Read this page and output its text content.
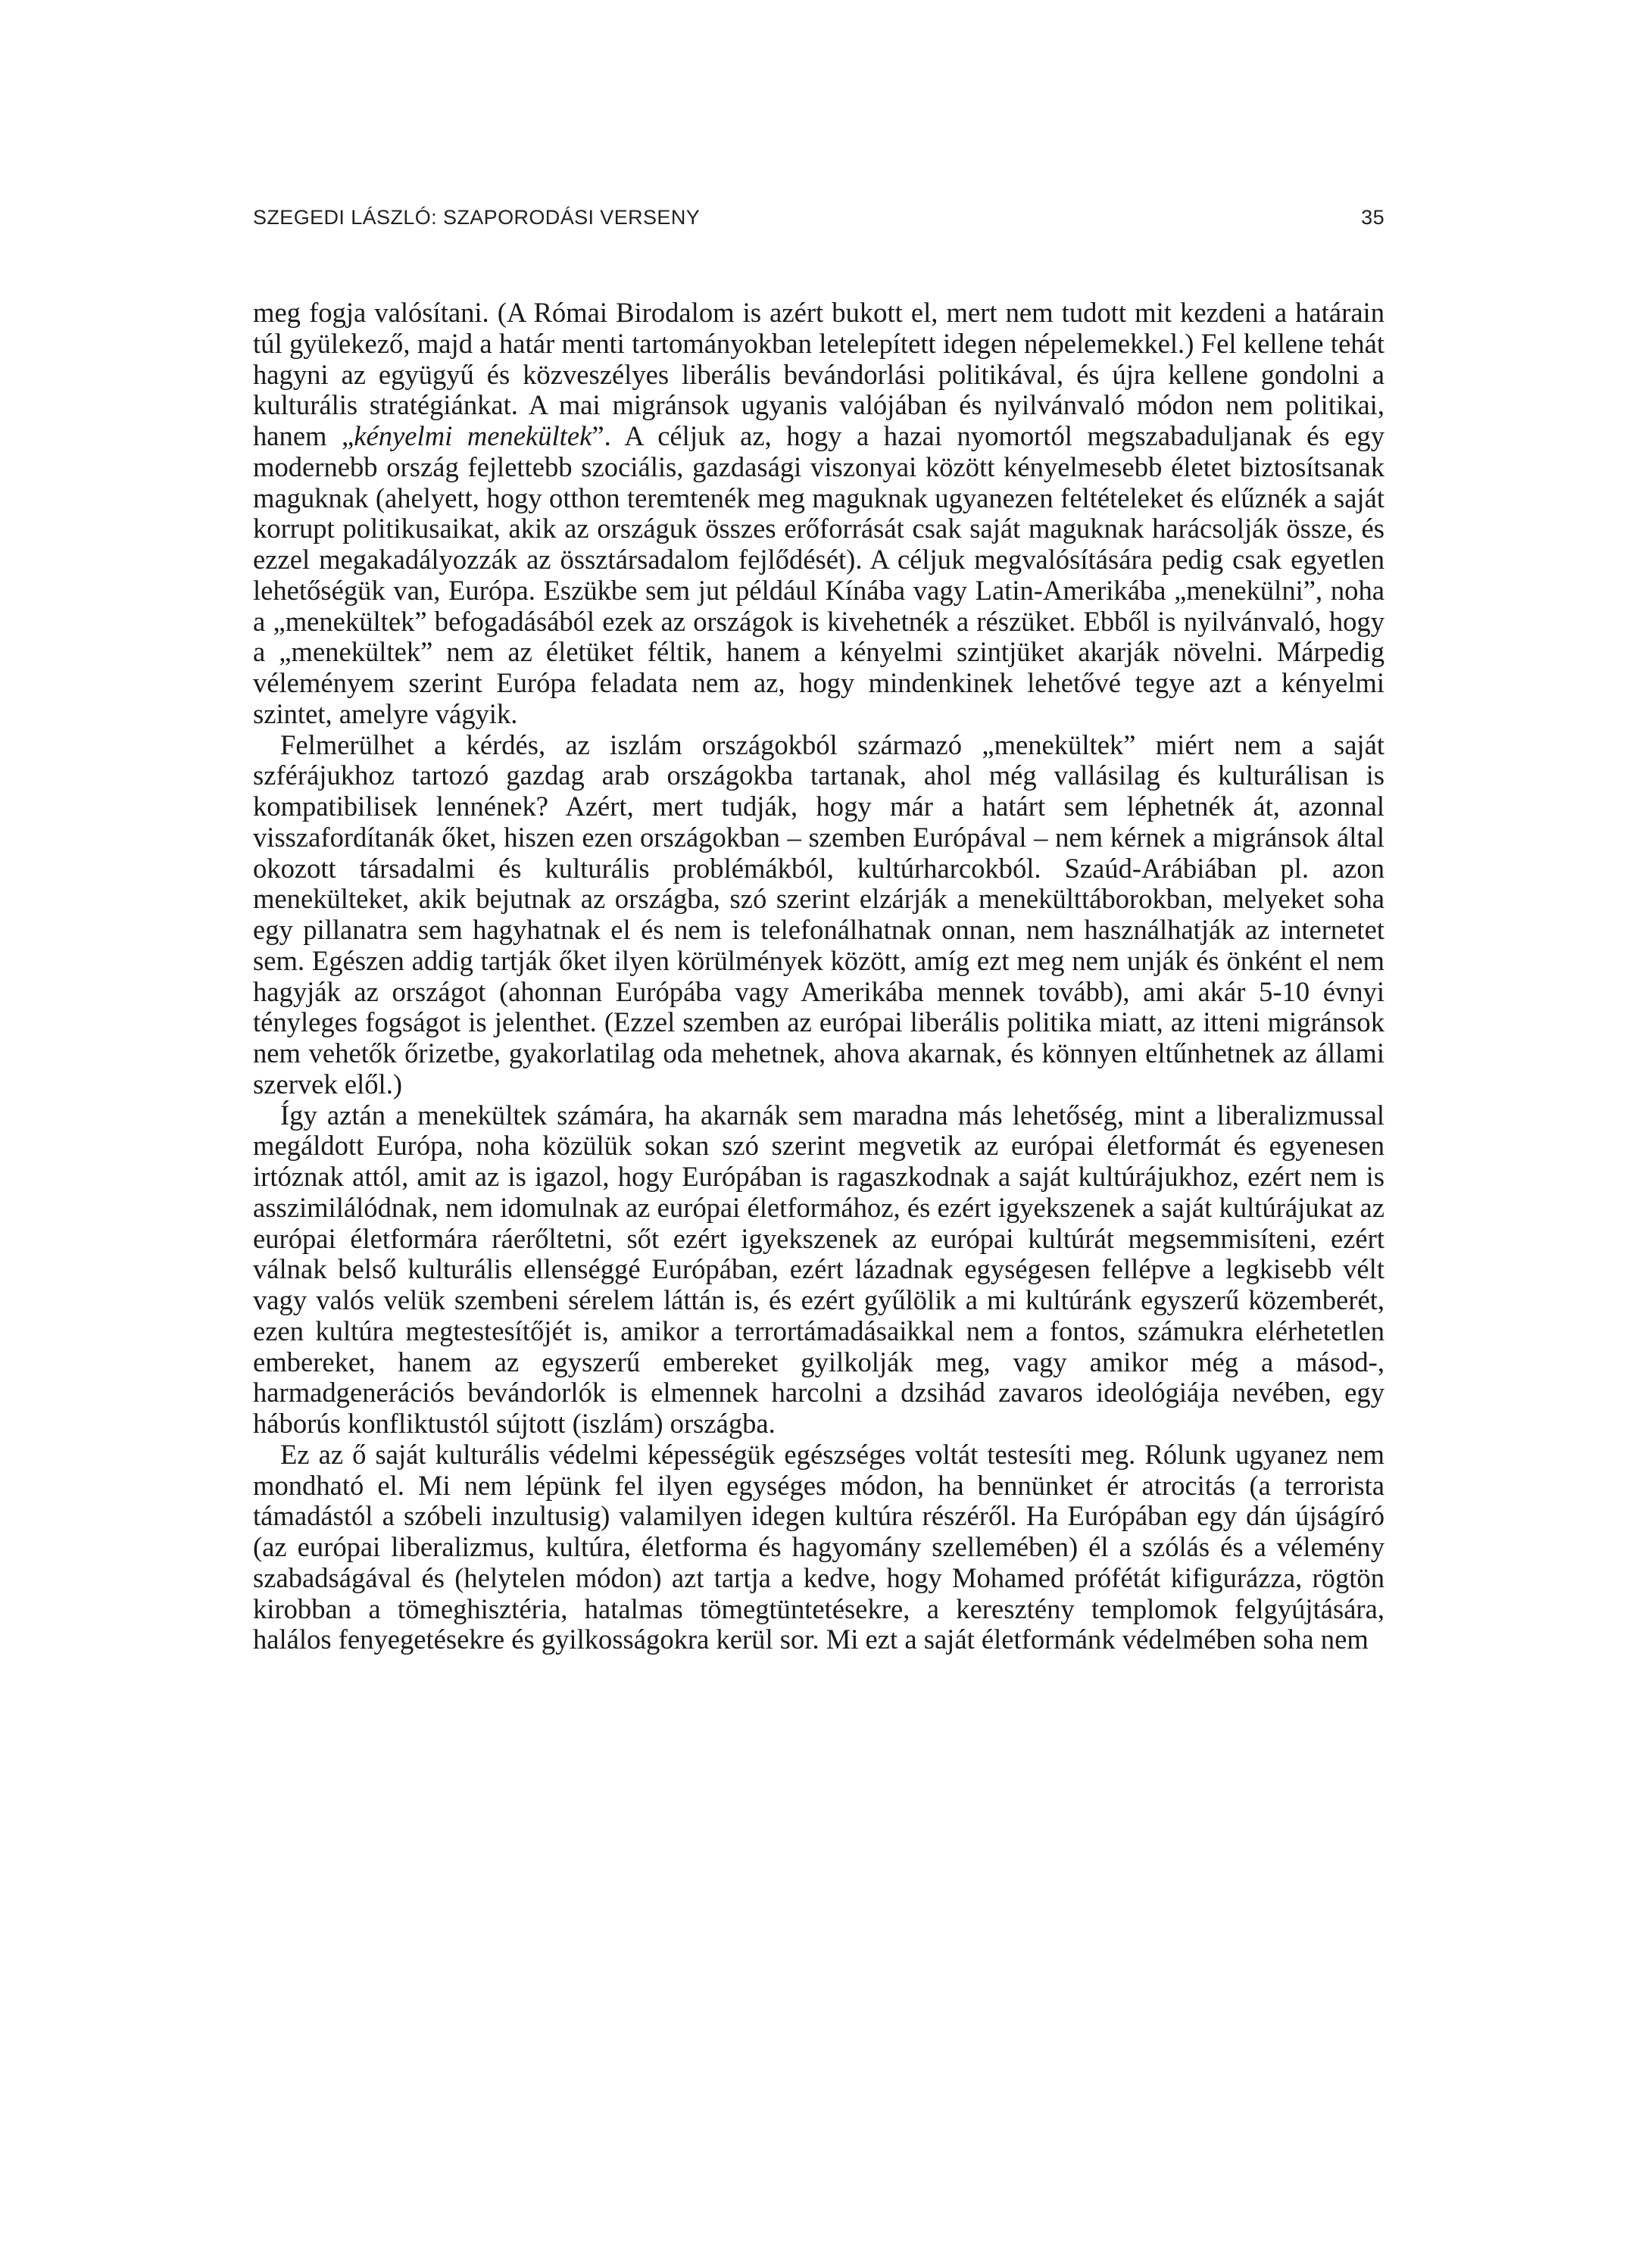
SZEGEDI LÁSZLÓ: SZAPORODÁSI VERSENY	35

meg fogja valósítani. (A Római Birodalom is azért bukott el, mert nem tudott mit kezdeni a határain túl gyülekező, majd a határ menti tartományokban letelepített idegen népelemekkel.) Fel kellene tehát hagyni az együgyű és közveszélyes liberális bevándorlási politikával, és újra kellene gondolni a kulturális stratégiánkat. A mai migránsok ugyanis valójában és nyilvánvaló módon nem politikai, hanem „kényelmi menekültek”. A céljuk az, hogy a hazai nyomortól megszabaduljanak és egy modernebb ország fejlettebb szociális, gazdasági viszonyai között kényelmesebb életet biztosítsanak maguknak (ahelyett, hogy otthon teremtenék meg maguknak ugyanezen feltételeket és elűznék a saját korrupt politikusaikat, akik az országuk összes erőforrását csak saját maguknak harácsolják össze, és ezzel megakadályozzák az össztársadalom fejlődését). A céljuk megvalósítására pedig csak egyetlen lehetőségük van, Európa. Eszükbe sem jut például Kínába vagy Latin-Amerikába „menekülni”, noha a „menekültek” befogadásából ezek az országok is kivehetnék a részüket. Ebből is nyilvánvaló, hogy a „menekültek” nem az életüket féltik, hanem a kényelmi szintjüket akarják növelni. Márpedig véleményem szerint Európa feladata nem az, hogy mindenkinek lehetővé tegye azt a kényelmi szintet, amelyre vágyik.

Felmerülhet a kérdés, az iszlám országokból származó „menekültek” miért nem a saját szférájukhoz tartozó gazdag arab országokba tartanak, ahol még vallásilag és kulturálisan is kompatibilisek lennének? Azért, mert tudják, hogy már a határt sem léphetnék át, azonnal visszafordítanák őket, hiszen ezen országokban – szemben Európával – nem kérnek a migránsok által okozott társadalmi és kulturális problémákból, kultúrharcokból. Szaúd-Arábiában pl. azon menekülteket, akik bejutnak az országba, szó szerint elzárják a menekülttáborokban, melyeket soha egy pillanatra sem hagyhatnak el és nem is telefonálhatnak onnan, nem használhatják az internetet sem. Egészen addig tartják őket ilyen körülmények között, amíg ezt meg nem unják és önként el nem hagyják az országot (ahonnan Európába vagy Amerikába mennek tovább), ami akár 5-10 évnyi tényleges fogságot is jelenthet. (Ezzel szemben az európai liberális politika miatt, az itteni migránsok nem vehetők őrizetbe, gyakorlatilag oda mehetnek, ahova akarnak, és könnyen eltűnhetnek az állami szervek elől.)

Így aztán a menekültek számára, ha akarnák sem maradna más lehetőség, mint a liberalizmussal megáldott Európa, noha közülük sokan szó szerint megvetik az európai életformát és egyenesen irtóznak attól, amit az is igazol, hogy Európában is ragaszkodnak a saját kultúrájukhoz, ezért nem is asszimilálódnak, nem idomulnak az európai életformához, és ezért igyekszenek a saját kultúrájukat az európai életformára ráerőltetni, sőt ezért igyekszenek az európai kultúrát megsemmisíteni, ezért válnak belső kulturális ellenséggé Európában, ezért lázadnak egységesen fellépve a legkisebb vélt vagy valós velük szembeni sérelem láttán is, és ezért gyűlölik a mi kultúránk egyszerű közemberét, ezen kultúra megtestesítőjét is, amikor a terrortámadásaikkal nem a fontos, számukra elérhetetlen embereket, hanem az egyszerű embereket gyilkolják meg, vagy amikor még a másod-, harmadgenerációs bevándorlók is elmennek harcolni a dzsihád zavaros ideológiája nevében, egy háborús konfliktustól sújtott (iszlám) országba.

Ez az ő saját kulturális védelmi képességük egészséges voltát testesíti meg. Rólunk ugyanez nem mondható el. Mi nem lépünk fel ilyen egységes módon, ha bennünket ér atrocitás (a terrorista támadástól a szóbeli inzultusig) valamilyen idegen kultúra részéről. Ha Európában egy dán újságíró (az európai liberalizmus, kultúra, életforma és hagyomány szellemében) él a szólás és a vélemény szabadságával és (helytelen módon) azt tartja a kedve, hogy Mohamed prófétát kifigurázza, rögtön kirobban a tömeghisztéria, hatalmas tömegtüntetésekre, a keresztény templomok felgyújtására, halálos fenyegetésekre és gyilkosságokra kerül sor. Mi ezt a saját életformánk védelmében soha nem
